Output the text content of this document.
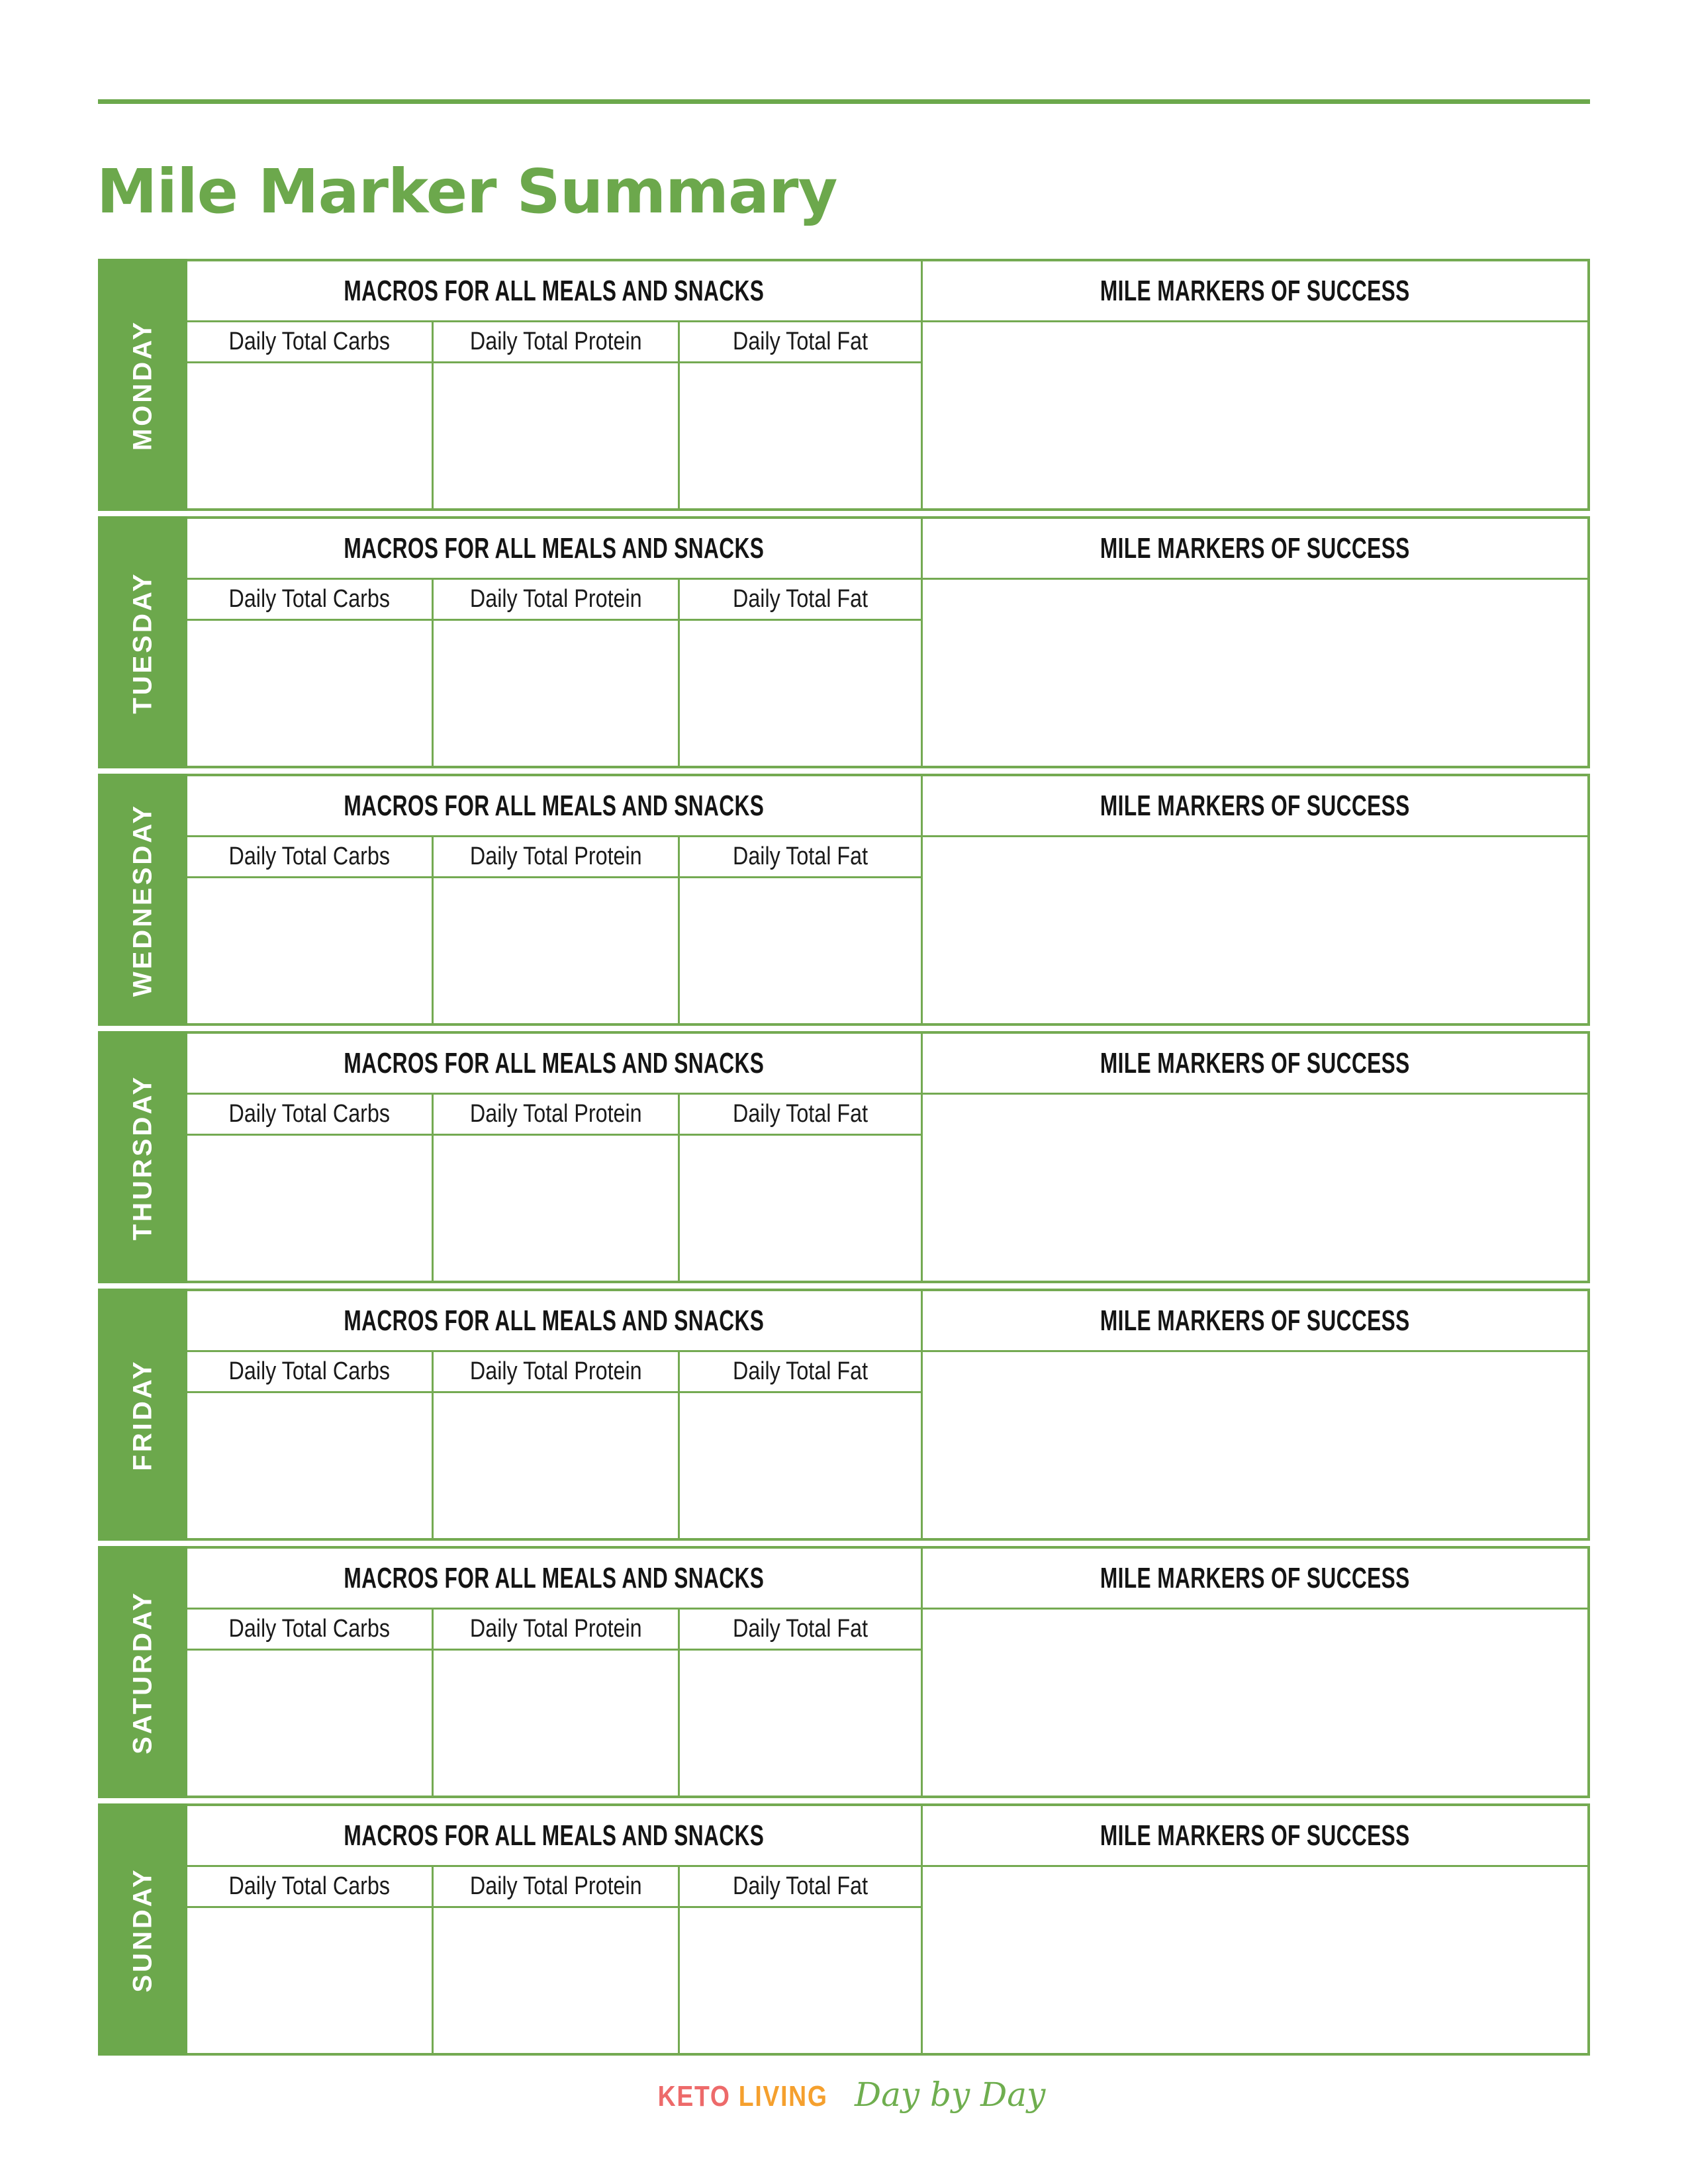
Mile Marker Summary
MONDAY
MACROS FOR ALL MEALS AND SNACKS	MILE MARKERS OF SUCCESS
Daily Total Carbs	Daily Total Protein	Daily Total Fat
TUESDAY
MACROS FOR ALL MEALS AND SNACKS	MILE MARKERS OF SUCCESS
Daily Total Carbs	Daily Total Protein	Daily Total Fat
WEDNESDAY	MACROS FOR ALL MEALS AND SNACKS	MILE MARKERS OF SUCCESS
Daily Total Carbs	Daily Total Protein	Daily Total Fat
THURSDAY
MACROS FOR ALL MEALS AND SNACKS	MILE MARKERS OF SUCCESS
Daily Total Carbs	Daily Total Protein	Daily Total Fat
FRIDAY
MACROS FOR ALL MEALS AND SNACKS	MILE MARKERS OF SUCCESS
Daily Total Carbs	Daily Total Protein	Daily Total Fat
SATURDAY
MACROS FOR ALL MEALS AND SNACKS	MILE MARKERS OF SUCCESS
Daily Total Carbs	Daily Total Protein	Daily Total Fat
SUNDAY
MACROS FOR ALL MEALS AND SNACKS	MILE MARKERS OF SUCCESS
Daily Total Carbs	Daily Total Protein	Daily Total Fat
KETO LIVING Day by Day
